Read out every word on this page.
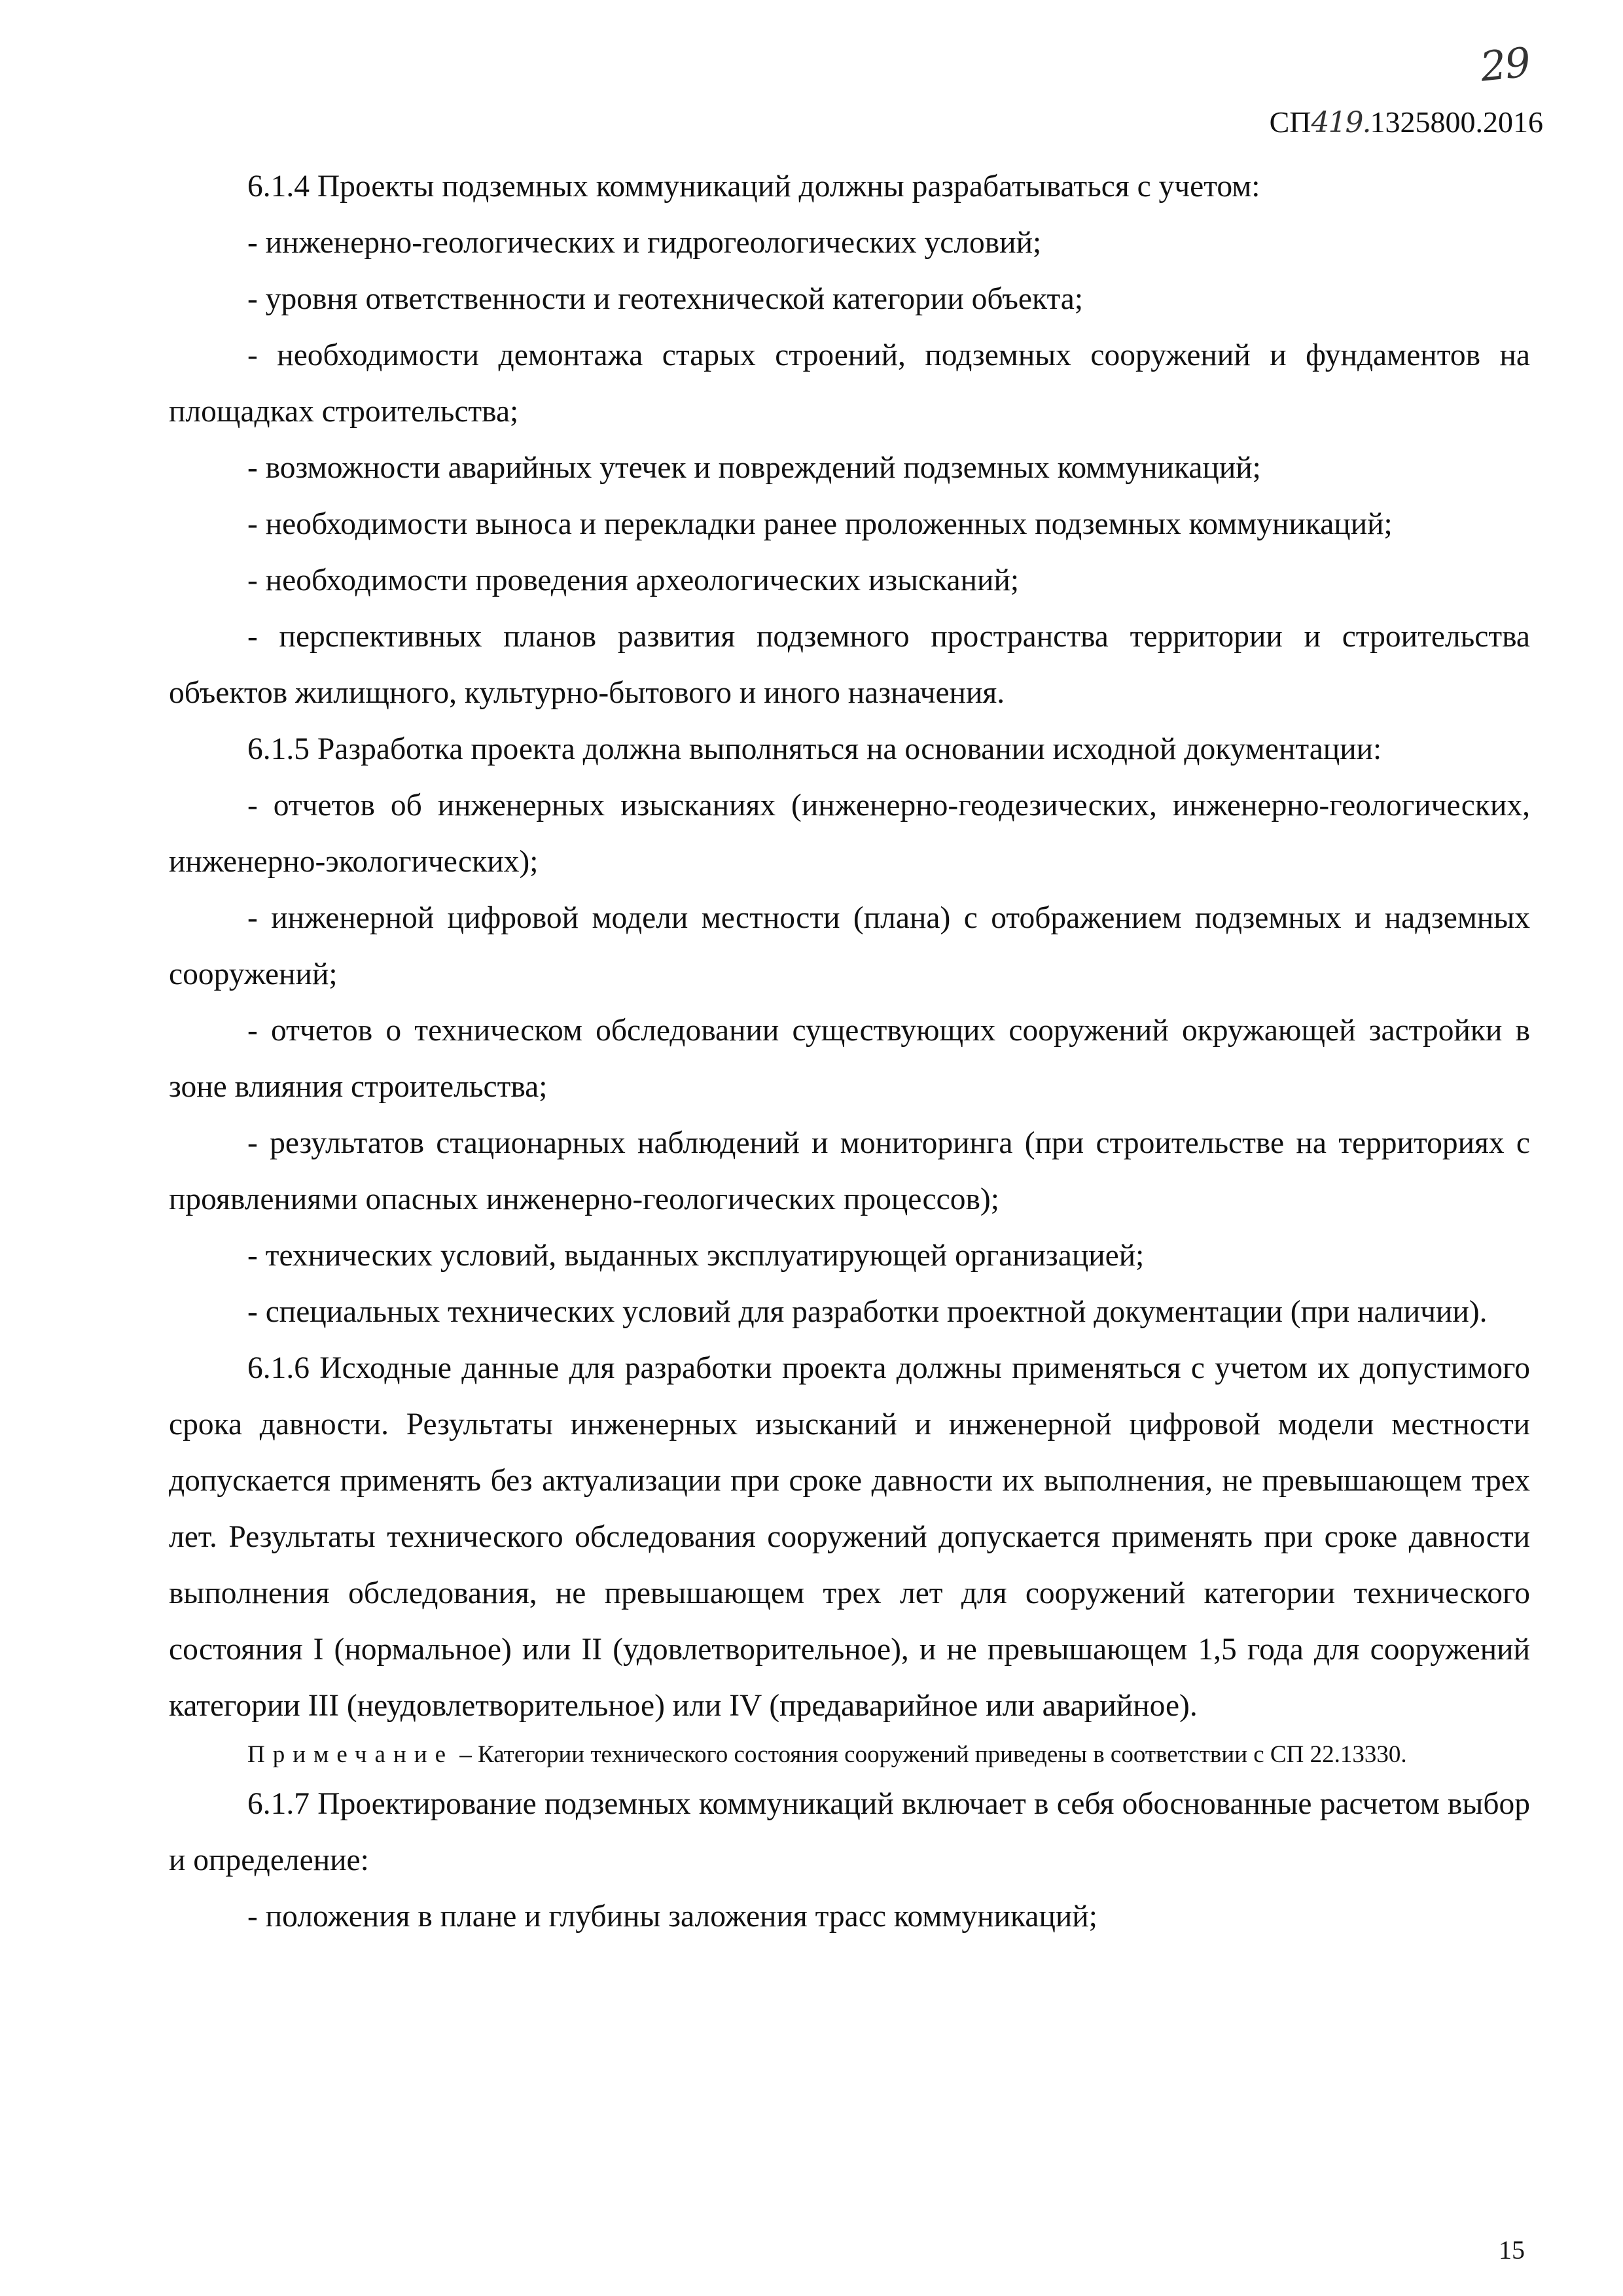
29
СП419.1325800.2016

6.1.4 Проекты подземных коммуникаций должны разрабатываться с учетом:

- инженерно-геологических и гидрогеологических условий;

- уровня ответственности и геотехнической категории объекта;

- необходимости демонтажа старых строений, подземных сооружений и фундаментов на площадках строительства;

- возможности аварийных утечек и повреждений подземных коммуникаций;

- необходимости выноса и перекладки ранее проложенных подземных коммуникаций;

- необходимости проведения археологических изысканий;

- перспективных планов развития подземного пространства территории и строительства объектов жилищного, культурно-бытового и иного назначения.

6.1.5 Разработка проекта должна выполняться на основании исходной документации:

- отчетов об инженерных изысканиях (инженерно-геодезических, инженерно-геологических, инженерно-экологических);

- инженерной цифровой модели местности (плана) с отображением подземных и надземных сооружений;

- отчетов о техническом обследовании существующих сооружений окружающей застройки в зоне влияния строительства;

- результатов стационарных наблюдений и мониторинга (при строительстве на территориях с проявлениями опасных инженерно-геологических процессов);

- технических условий, выданных эксплуатирующей организацией;

- специальных технических условий для разработки проектной документации (при наличии).

6.1.6 Исходные данные для разработки проекта должны применяться с учетом их допустимого срока давности. Результаты инженерных изысканий и инженерной цифровой модели местности допускается применять без актуализации при сроке давности их выполнения, не превышающем трех лет. Результаты технического обследования сооружений допускается применять при сроке давности выполнения обследования, не превышающем трех лет для сооружений категории технического состояния I (нормальное) или II (удовлетворительное), и не превышающем 1,5 года для сооружений категории III (неудовлетворительное) или IV (предаварийное или аварийное).

Примечание – Категории технического состояния сооружений приведены в соответствии с СП 22.13330.

6.1.7 Проектирование подземных коммуникаций включает в себя обоснованные расчетом выбор и определение:

- положения в плане и глубины заложения трасс коммуникаций;

15
